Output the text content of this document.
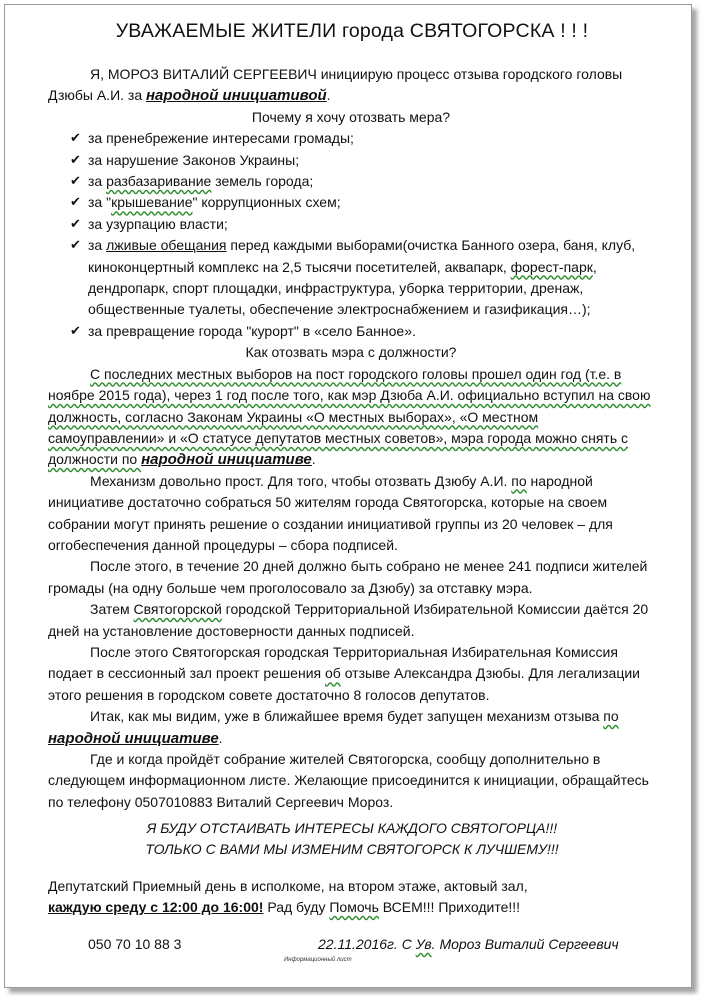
УВАЖАЕМЫЕ ЖИТЕЛИ города СВЯТОГОРСКА ! ! !

Я, МОРОЗ ВИТАЛИЙ СЕРГЕЕВИЧ инициирую процесс отзыва городского головы Дзюбы А.И. за народной инициативой.

Почему я хочу отозвать мера?

✔ за пренебрежение интересами громады;
✔ за нарушение Законов Украины;
✔ за разбазаривание земель города;
✔ за "крышевание" коррупционных схем;
✔ за узурпацию власти;
✔ за лживые обещания перед каждыми выборами(очистка Банного озера, баня, клуб, киноконцертный комплекс на 2,5 тысячи посетителей, аквапарк, форест-парк, дендропарк, спорт площадки, инфраструктура, уборка территории, дренаж, общественные туалеты, обеспечение электроснабжением и газификация…);
✔ за превращение города "курорт" в «село Банное».

Как отозвать мэра с должности?

С последних местных выборов на пост городского головы прошел один год (т.е. в ноябре 2015 года), через 1 год после того, как мэр Дзюба А.И. официально вступил на свою должность, согласно Законам Украины «О местных выборах», «О местном самоуправлении» и «О статусе депутатов местных советов», мэра города можно снять с должности по народной инициативе.

Механизм довольно прост. Для того, чтобы отозвать Дзюбу А.И. по народной инициативе достаточно собраться 50 жителям города Святогорска, которые на своем собрании могут принять решение о создании инициативой группы из 20 человек – для orгобеспечения данной процедуры – сбора подписей.

После этого, в течение 20 дней должно быть собрано не менее 241 подписи жителей громады (на одну больше чем проголосовало за Дзюбу) за отставку мэра.

Затем Святогорской городской Территориальной Избирательной Комиссии даётся 20 дней на установление достоверности данных подписей.

После этого Святогорская городская Территориальная Избирательная Комиссия подает в сессионный зал проект решения об отзыве Александра Дзюбы. Для легализации этого решения в городском совете достаточно 8 голосов депутатов.

Итак, как мы видим, уже в ближайшее время будет запущен механизм отзыва по народной инициативе.

Где и когда пройдёт собрание жителей Святогорска, сообщу дополнительно в следующем информационном листе. Желающие присоединится к инициации, обращайтесь по телефону 0507010883 Виталий Сергеевич Мороз.

Я БУДУ ОТСТАИВАТЬ ИНТЕРЕСЫ КАЖДОГО СВЯТОГОРЦА!!!
ТОЛЬКО С ВАМИ МЫ ИЗМЕНИМ СВЯТОГОРСК К ЛУЧШЕМУ!!!
Депутатский Приемный день в исполкоме, на втором этаже, актовый зал,
каждую среду с 12:00 до 16:00! Рад буду Помочь ВСЕМ!!! Приходите!!!
050 70 10 88 3	22.11.2016г. С Ув. Мороз Виталий Сергеевич
Информационный лист
